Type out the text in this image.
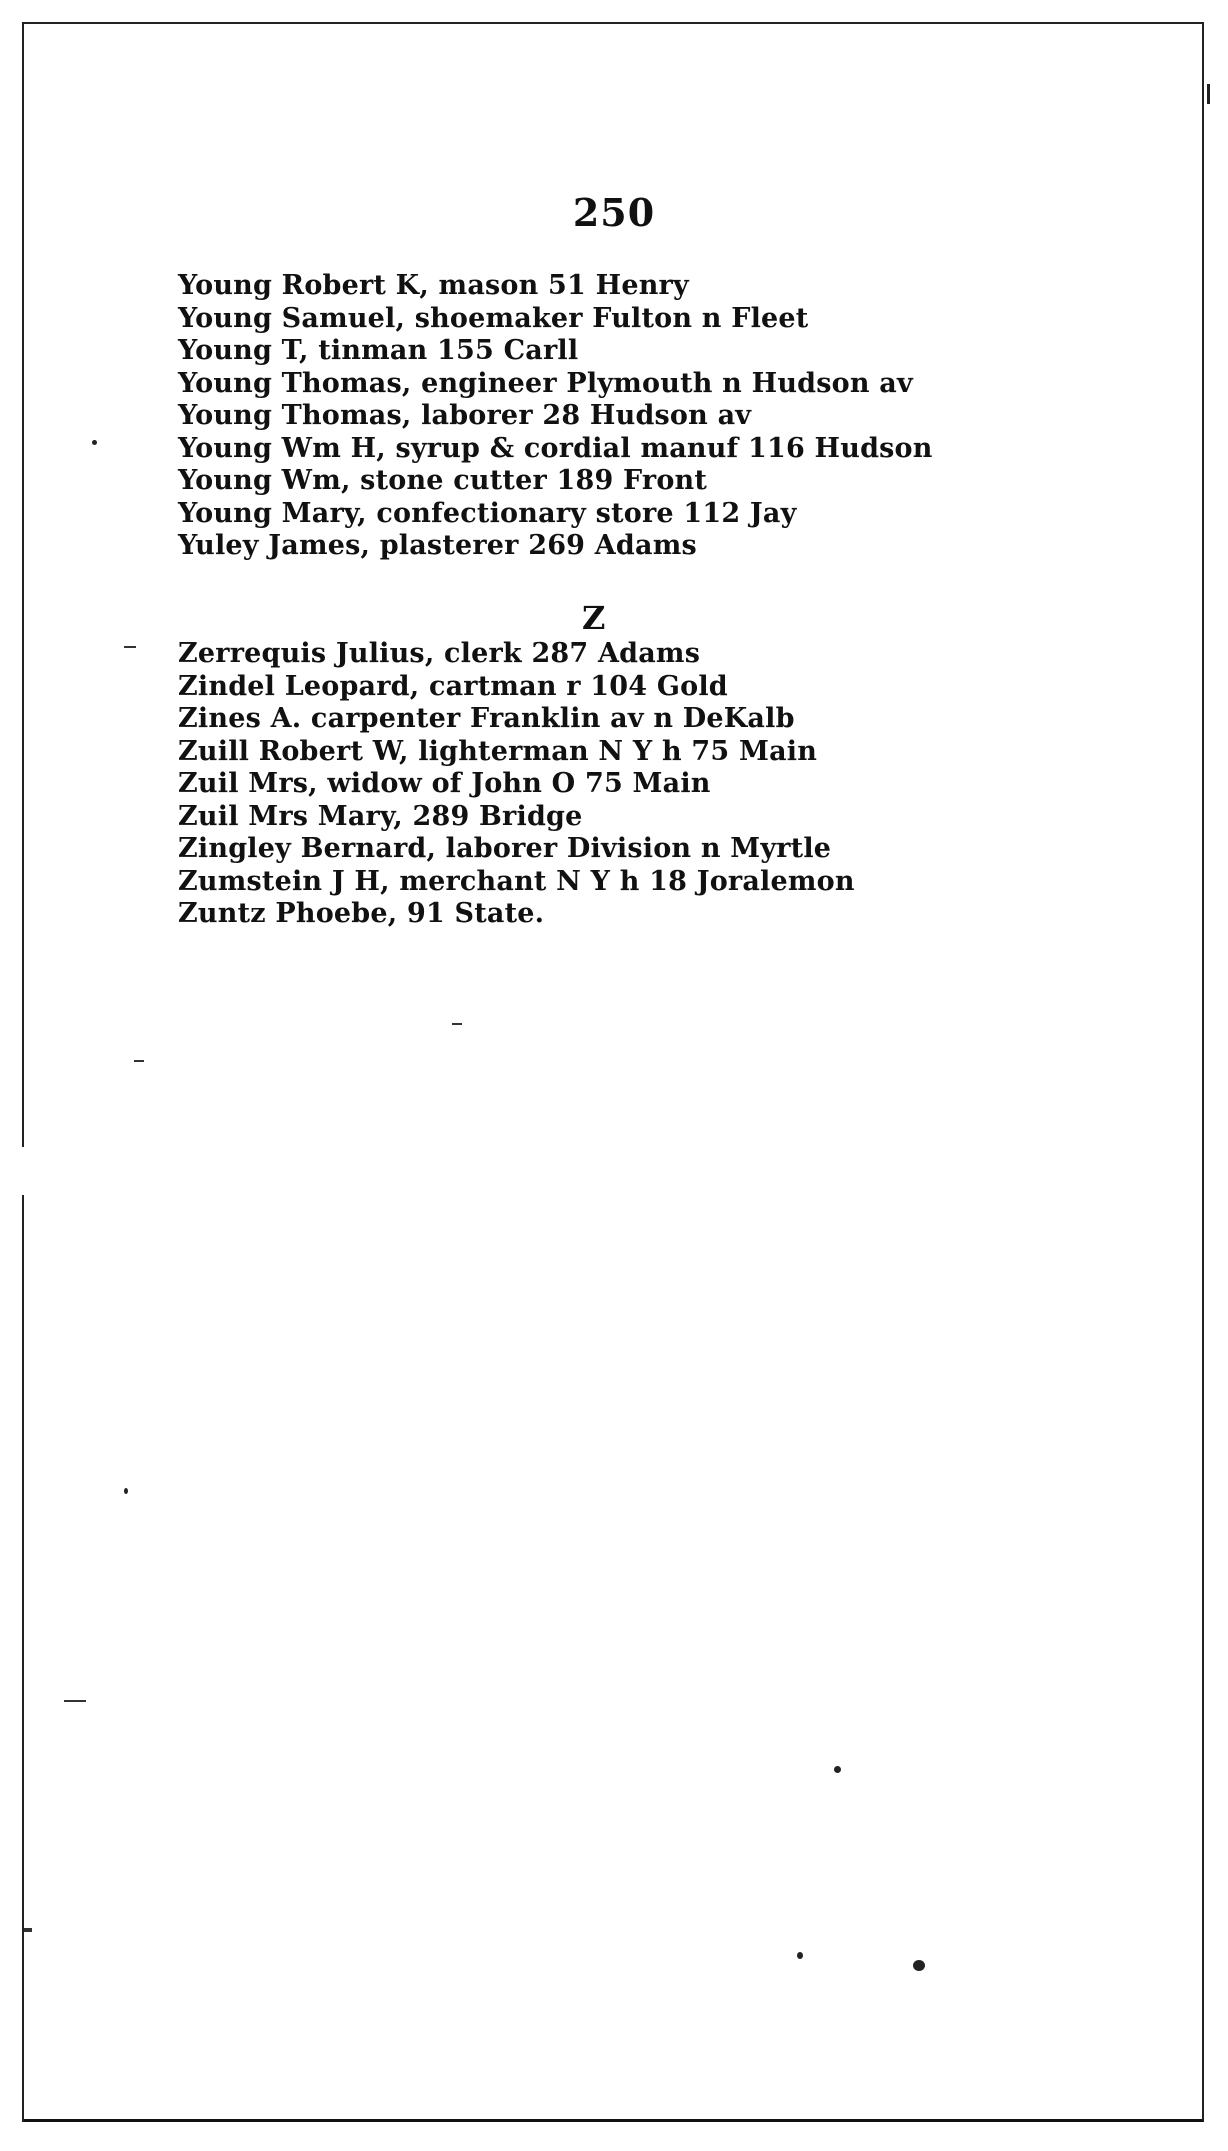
250
Young Robert K, mason 51 Henry
Young Samuel, shoemaker Fulton n Fleet
Young T, tinman 155 Carll
Young Thomas, engineer Plymouth n Hudson av
Young Thomas, laborer 28 Hudson av
Young Wm H, syrup & cordial manuf 116 Hudson
Young Wm, stone cutter 189 Front
Young Mary, confectionary store 112 Jay
Yuley James, plasterer 269 Adams
Z
Zerrequis Julius, clerk 287 Adams
Zindel Leopard, cartman r 104 Gold
Zines A. carpenter Franklin av n DeKalb
Zuill Robert W, lighterman N Y h 75 Main
Zuil Mrs, widow of John O 75 Main
Zuil Mrs Mary, 289 Bridge
Zingley Bernard, laborer Division n Myrtle
Zumstein J H, merchant N Y h 18 Joralemon
Zuntz Phoebe, 91 State.
